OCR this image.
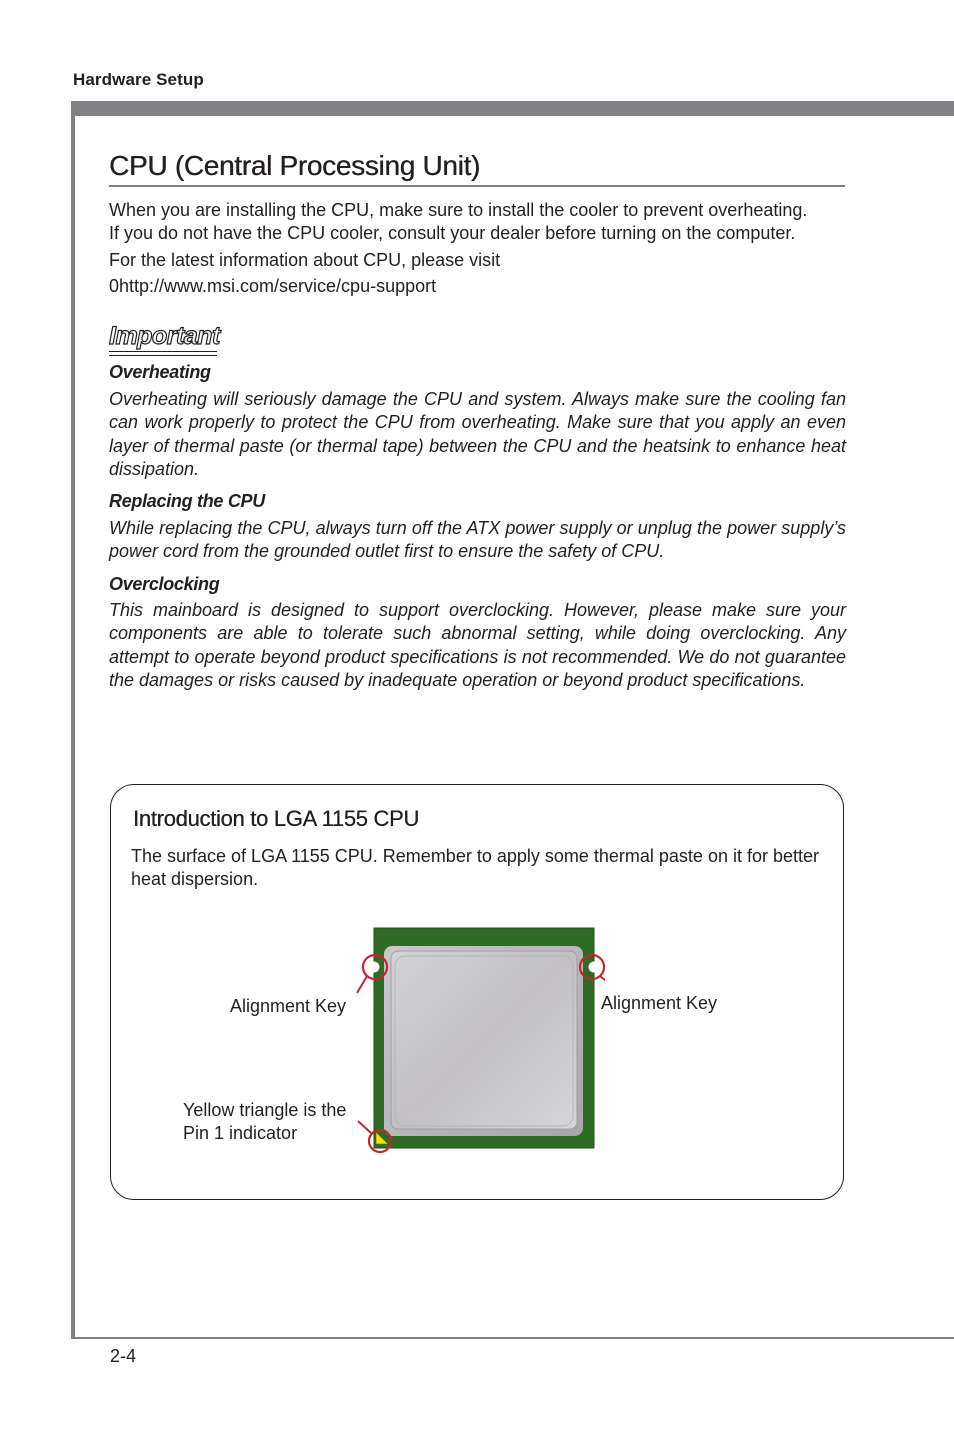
Hardware Setup
2-4
CPU (Central Processing Unit)
When you are installing the CPU, make sure to install the cooler to prevent overheating.
If you do not have the CPU cooler, consult your dealer before turning on the computer.
For the latest information about CPU, please visit
0http://www.msi.com/service/cpu-support
Important
Overheating
Overheating will seriously damage the CPU and system. Always make sure the cooling fan can work properly to protect the CPU from overheating. Make sure that you apply an even layer of thermal paste (or thermal tape) between the CPU and the heatsink to enhance heat dissipation.
Replacing the CPU
While replacing the CPU, always turn off the ATX power supply or unplug the power supply’s power cord from the grounded outlet first to ensure the safety of CPU.
Overclocking
This mainboard is designed to support overclocking. However, please make sure your components are able to tolerate such abnormal setting, while doing overclocking. Any attempt to operate beyond product specifications is not recommended. We do not guarantee the damages or risks caused by inadequate operation or beyond product specifications.
Introduction to LGA 1155 CPU
The surface of LGA 1155 CPU. Remember to apply some thermal paste on it for better heat dispersion.
Alignment Key	Alignment Key
Yellow triangle is the
Pin 1 indicator
